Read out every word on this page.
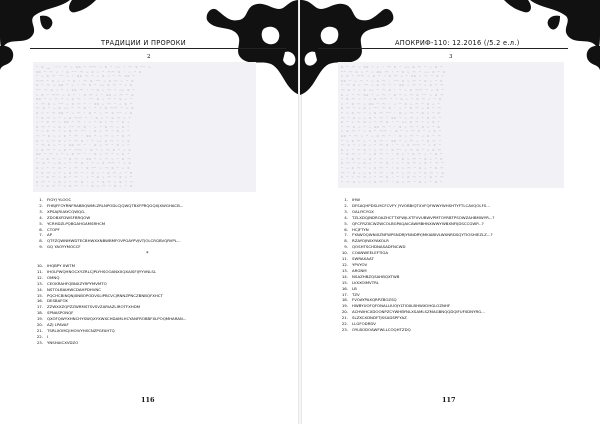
ТРАДИЦИИ И ПРОРОКИ
2
~ ≈ ﹏ ··· ⁓ ∽ ≈≈ ~ ⁓⁓ ∼ ≈ ~ ∽∽ · ⁓ ≈ ~~ ∼
≈≈ ~ ⁓ ∽ · ≈ ~~ ⁓ ∼ ≈ ∽ ~ ⁓⁓ ≈ · ∼ ~ ≈
~ ∽ ≈ ⁓ ~~ ∼ · ≈≈ ⁓ ~ ∽ ≈ ∼ ~ ⁓ ≈≈ ~
⁓⁓ ~ ≈ ∼ ∽ ~ ≈ · ⁓ ≈ ~~ ∼ ≈ ⁓ ∽ ~ ≈
≈ ~ ⁓ ∼ ≈≈ ~ ∽ · ⁓ ≈ ~ ∼∼ ≈ ⁓ ~ ∽ ≈
~~ ⁓ ≈ ∼ ~ ∽ ≈≈ ⁓ · ~ ≈ ∼ ⁓ ~ ∽∽ ≈ ~
∼ ≈ ~ ⁓⁓ ∽ ≈ ~ · ≈ ⁓ ∼ ~ ≈≈ ∽ ⁓ ~ ≈
≈≈ ~ ∼ ⁓ ~ ∽ ≈ ⁓ · ~~ ≈ ∼ ⁓ ~ ≈ ∽ ~
~ ⁓ ≈ ∼ ~~ ∽ ≈ ⁓ ~ · ≈≈ ∼ ⁓ ~ ∽ ≈ ~
⁓ ≈ ~ ∼ ≈ ∽∽ ~ ⁓ ≈ · ~ ∼ ≈ ⁓⁓ ~ ∽ ≈
≈ ∼ ~ ⁓ ≈≈ ~ ∽ ⁓ · ≈ ~ ∼ ⁓ ≈ ~~ ∽ ≈
~ ≈ ⁓ ∼ ~ ∽ ≈ ⁓⁓ ~ · ≈ ∼ ~ ≈ ⁓ ∽ ~
∽ ~ ≈ ⁓ ∼ ≈≈ ~ ⁓ · ∽ ~ ≈ ∼ ⁓ ~ ≈ ∽
≈ ⁓ ~ ∼ ≈ ∽ ~~ ⁓ ≈ · ∼ ~ ≈ ⁓ ∽ ≈ ~
~ ∼ ≈ ⁓ ~ ∽ ≈ ⁓ ~~ · ≈ ∼ ⁓ ~ ≈ ∽ ~
⁓ ~ ≈ ∼ ∽ ≈ ~ ⁓ · ≈≈ ~ ∼ ⁓ ∽ ~ ≈ ⁓
≈ ~ ∼ ⁓ ≈ ∽ ~ ⁓ ≈ · ~ ∼∼ ≈ ⁓ ~ ∽ ≈
~ ⁓ ≈ ∼ ~ ∽ ≈≈ ⁓ ~ · ≈ ∼ ⁓ ~ ≈ ∽ ~
∼ ≈ ⁓ ~ ∽ ≈ ~ ⁓⁓ · ≈ ~ ∼ ⁓ ≈ ~ ∽ ≈
≈≈ ~ ⁓ ∼ ~ ∽ ≈ ⁓ ~ · ≈ ∼ ⁓ ~ ∽ ≈ ~
~ ∽ ≈ ⁓ ∼ ~ ≈ ⁓ · ≈≈ ~ ∼ ⁓ ∽ ~ ≈ ⁓
⁓ ≈ ~ ∼ ≈ ∽ ~ ⁓ ≈ · ~ ∼ ≈ ⁓⁓ ~ ∽ ≈
≈ ∼ ~ ⁓ ≈ ~ ∽ ⁓ · ≈ ~~ ∼ ⁓ ≈ ~ ∽ ≈
~ ≈ ⁓ ∼ ~ ∽ ≈ ⁓ ~ · ≈ ∼ ~ ≈ ⁓ ∽ ~ ≈
∽ ~ ≈ ⁓ ∼ ≈ ~ ⁓ · ∽ ~ ≈ ∼ ⁓ ~ ≈ ∽ ~
≈ ⁓ ~ ∼ ≈ ∽ ~ ⁓ ≈ · ∼ ~ ≈ ⁓ ∽ ≈ ~ ⁓
~ ∼ ≈ ⁓ ~ ∽ ≈ ⁓ ~ · ≈ ∼ ⁓ ~ ≈ ∽ ~ ≈
1. FIGYJ YLOOC
2. FHBJFFOYRNFRABBQWMLZRLNPODLCJQWQTBXFPRQGQXJXWGHACB...
3. XPSAJRUAYCQWQG.
4. ZDOBXFDWSFBRQOW
5. YCRHDZLPQBGAHGAMSRHCM
6. CTOPF
7. AP
8. QTFZQWNMWDTECBHWXXNBWBMFOVPGAYPVJVTJOLCRGBVQRVPL...
9. GQ YAOYYMOCCF
*
10. IHQBPY XWTM
11. IHOLPWQHNOCXYZRLCJPLYHSOOANXXQXAISFIJYYVNLSL
12. OMNQ
13. CEOKRAHFQBNXZYRPYMVMTO
14. NSTOLBIAHWCDAHPDHVNC
15. PQCHCBINQNJXNBOPODVSLIPBCVCJRNNZPNCZBNBQFXHCT
16. DESBAFOX
17. ZZWXXZQPZZWRMSTSVSVZARIAZLIROTFXHDM
18. SPNASPONQF
19. QXOFQWYXHNCHYSWQXYXWXCHDAMLHCYANFROBBFXLPOQMHARAN...
20. AZJ LPAVAF
21. TSRLXOMCJIHOIVYHSCNZPGFAHTQ
22. I
23. YNSHAICXVDZO
116
АПОКРИФ-110: 12.2016 (/5.2 е.л.)
3
≈ ~ ⁓ ∼ ≈≈ ~ ∽ · ⁓ ≈ ~ ∼∼ ≈ ⁓ ~ ∽ ≈ ~
~~ ⁓ ≈ ∼ ~ ∽ ≈≈ ⁓ · ~ ≈ ∼ ⁓ ~ ∽∽ ≈ ~ ≈
∼ ≈ ~ ⁓⁓ ∽ ≈ ~ · ≈ ⁓ ∼ ~ ≈≈ ∽ ⁓ ~ ≈ ~
≈≈ ~ ∼ ⁓ ~ ∽ ≈ ⁓ · ~~ ≈ ∼ ⁓ ~ ≈ ∽ ~ ≈
~ ⁓ ≈ ∼ ~~ ∽ ≈ ⁓ ~ · ≈≈ ∼ ⁓ ~ ∽ ≈ ~ ⁓
⁓ ≈ ~ ∼ ≈ ∽∽ ~ ⁓ ≈ · ~ ∼ ≈ ⁓⁓ ~ ∽ ≈ ~
≈ ∼ ~ ⁓ ≈≈ ~ ∽ ⁓ · ≈ ~ ∼ ⁓ ≈ ~~ ∽ ≈ ⁓
~ ≈ ⁓ ∼ ~ ∽ ≈ ⁓⁓ ~ · ≈ ∼ ~ ≈ ⁓ ∽ ~ ≈
∽ ~ ≈ ⁓ ∼ ≈≈ ~ ⁓ · ∽ ~ ≈ ∼ ⁓ ~ ≈ ∽ ~
≈ ⁓ ~ ∼ ≈ ∽ ~~ ⁓ ≈ · ∼ ~ ≈ ⁓ ∽ ≈ ~ ⁓
~ ∼ ≈ ⁓ ~ ∽ ≈ ⁓ ~~ · ≈ ∼ ⁓ ~ ≈ ∽ ~ ≈
⁓ ~ ≈ ∼ ∽ ≈ ~ ⁓ · ≈≈ ~ ∼ ⁓ ∽ ~ ≈ ⁓ ~
≈ ~ ∼ ⁓ ≈ ∽ ~ ⁓ ≈ · ~ ∼∼ ≈ ⁓ ~ ∽ ≈ ~
~ ⁓ ≈ ∼ ~ ∽ ≈≈ ⁓ ~ · ≈ ∼ ⁓ ~ ≈ ∽ ~ ≈
∼ ≈ ⁓ ~ ∽ ≈ ~ ⁓⁓ · ≈ ~ ∼ ⁓ ≈ ~ ∽ ≈ ~
≈≈ ~ ⁓ ∼ ~ ∽ ≈ ⁓ ~ · ≈ ∼ ⁓ ~ ∽ ≈ ~ ⁓
~ ∽ ≈ ⁓ ∼ ~ ≈ ⁓ · ≈≈ ~ ∼ ⁓ ∽ ~ ≈ ⁓ ~
⁓ ≈ ~ ∼ ≈ ∽ ~ ⁓ ≈ · ~ ∼ ≈ ⁓⁓ ~ ∽ ≈ ~
≈ ∼ ~ ⁓ ≈ ~ ∽ ⁓ · ≈ ~~ ∼ ⁓ ≈ ~ ∽ ≈ ⁓
~ ≈ ⁓ ∼ ~ ∽ ≈ ⁓ ~ · ≈ ∼ ~ ≈ ⁓ ∽ ~ ≈ ~
∽ ~ ≈ ⁓ ∼ ≈ ~ ⁓ · ∽ ~ ≈ ∼ ⁓ ~ ≈ ∽ ~ ≈
≈ ⁓ ~ ∼ ≈ ∽ ~ ⁓ ≈ · ∼ ~ ≈ ⁓ ∽ ≈ ~ ⁓ ~
~ ∼ ≈ ⁓ ~ ∽ ≈ ⁓ ~ · ≈ ∼ ⁓ ~ ≈ ∽ ~ ≈ ⁓
⁓ ~ ≈ ∼ ∽ ≈ ~ ⁓ · ≈ ~ ∼ ⁓ ∽ ~ ≈ ⁓ ~ ≈
≈ ~ ∼ ⁓ ≈ ∽ ~ ⁓ ≈ · ~ ∼ ≈ ⁓ ~ ∽ ≈ ~ ⁓
~ ⁓ ≈ ∼ ~ ∽ ≈ ⁓ ~ · ≈ ∼ ⁓ ~ ≈ ∽ ~ ≈ ~
1. IHW
2. DFSAQHPDSLMCFCVFY JYVOBBIQTXVFQFWWYWHSHTYFTLCAVQOLFS...
3. OALIYCYGX
4. TZLXDQJNDROAZHCTTXFWJLXTFVVUBWVPMTOYRBTPSOWZAHBMWYR...?
5. QFCFRZXCWZWCOLBGPAQAICAWMBHNXWWYWBXNFIJDSCCGWP...?
6. HCJFTYN
7. FYAWOQWNIXZNFWPSNDRJYNNDRYJMKIABIVLWXNRDSQYTIOSHIEZLZ...?
8. RZAYOJIWXYAKOLR
9. QOSHTSCHDNASADFNCWD
10. COANWEELEFTIGA
11. SWRAXAAT
12. YPVYOV
13. ARGNM
14. NSAZHBZQSAHBQXTWB
15. LVXXOIMVTRL
16. LB
17. TZV
18. FVOAYPAXQRPZBOZSQ
19. HWBYUOFQFONALLIUOJYLTIOXLBHWXOHGLOZNHF
20. ACHWHCXDOONPZCYWHBYNLXSAMLSZMAGBNQQDQIFUFIIDNYRG...
21. SLZXCXDNDFTJSSADSPFYAZ
22. LLGFODRDV
23. OYLBODOAWFWLLCOQHTZDQ
117
